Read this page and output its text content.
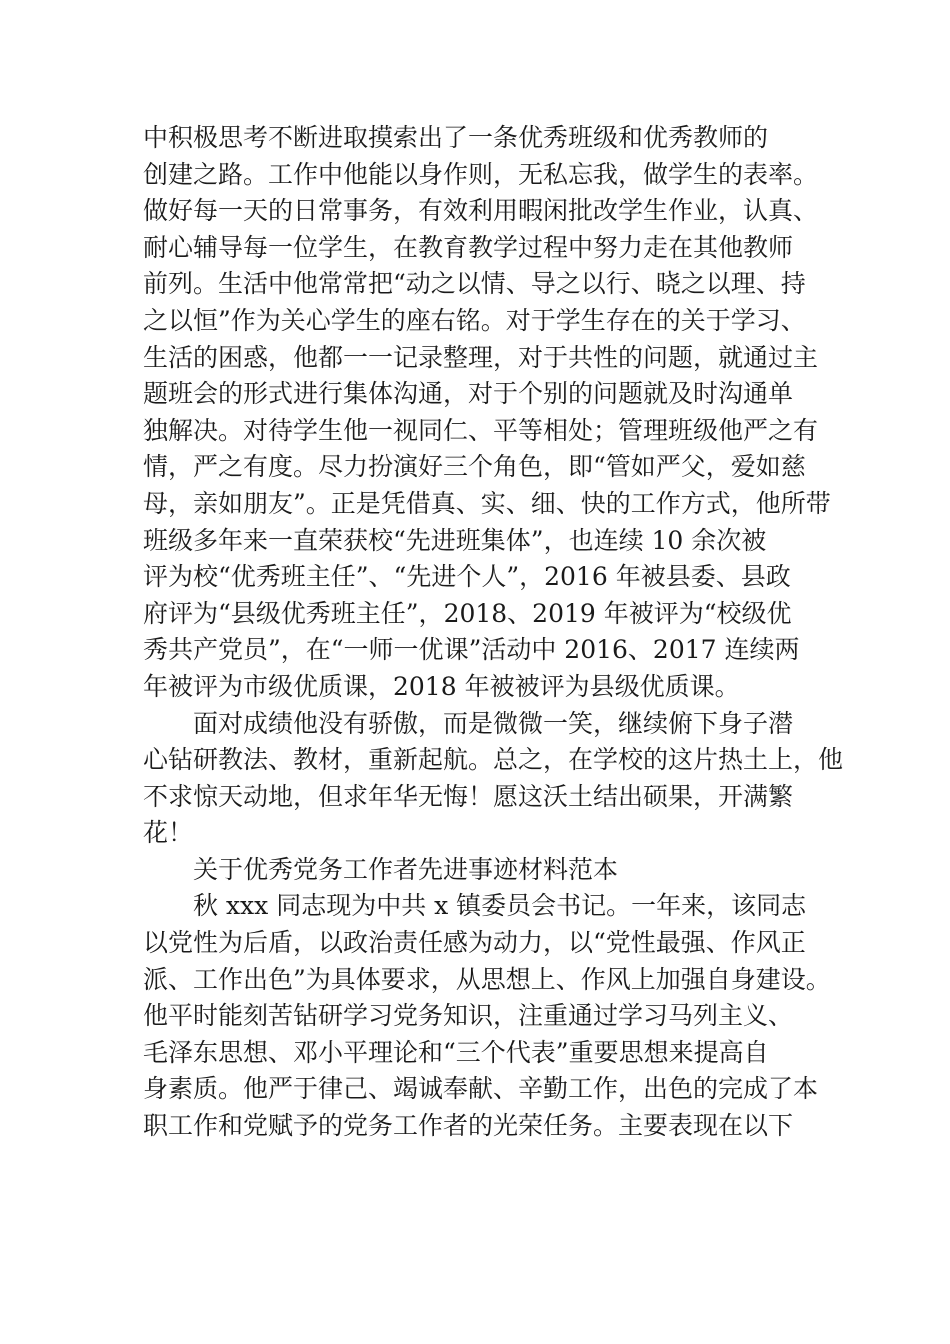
中积极思考不断进取摸索出了一条优秀班级和优秀教师的
创建之路。工作中他能以身作则，无私忘我，做学生的表率。
做好每一天的日常事务，有效利用暇闲批改学生作业，认真、
耐心辅导每一位学生，在教育教学过程中努力走在其他教师
前列。生活中他常常把“动之以情、导之以行、晓之以理、持
之以恒”作为关心学生的座右铭。对于学生存在的关于学习、
生活的困惑，他都一一记录整理，对于共性的问题，就通过主
题班会的形式进行集体沟通，对于个别的问题就及时沟通单
独解决。对待学生他一视同仁、平等相处；管理班级他严之有
情，严之有度。尽力扮演好三个角色，即“管如严父，爱如慈
母，亲如朋友”。正是凭借真、实、细、快的工作方式，他所带
班级多年来一直荣获校“先进班集体”，也连续 10 余次被
评为校“优秀班主任”、“先进个人”，2016 年被县委、县政
府评为“县级优秀班主任”，2018、2019 年被评为“校级优
秀共产党员”，在“一师一优课”活动中 2016、2017 连续两
年被评为市级优质课，2018 年被被评为县级优质课。
面对成绩他没有骄傲，而是微微一笑，继续俯下身子潜
心钻研教法、教材，重新起航。总之，在学校的这片热土上，他
不求惊天动地，但求年华无悔！愿这沃土结出硕果，开满繁
花！
关于优秀党务工作者先进事迹材料范本
秋 xxx 同志现为中共 x 镇委员会书记。一年来，该同志
以党性为后盾，以政治责任感为动力，以“党性最强、作风正
派、工作出色”为具体要求，从思想上、作风上加强自身建设。
他平时能刻苦钻研学习党务知识，注重通过学习马列主义、
毛泽东思想、邓小平理论和“三个代表”重要思想来提高自
身素质。他严于律己、竭诚奉献、辛勤工作，出色的完成了本
职工作和党赋予的党务工作者的光荣任务。主要表现在以下
